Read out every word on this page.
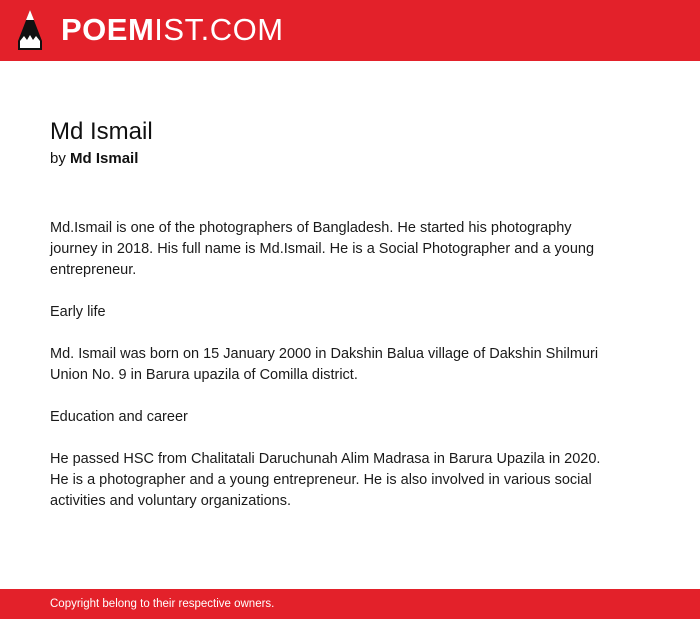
POEMIST.COM
Md Ismail
by Md Ismail

Md.Ismail is one of the photographers of Bangladesh. He started his photography journey in 2018. His full name is Md.Ismail. He is a Social Photographer and a young entrepreneur.

Early life

Md. Ismail was born on 15 January 2000 in Dakshin Balua village of Dakshin Shilmuri Union No. 9 in Barura upazila of Comilla district.

Education and career

He passed HSC from Chalitatali Daruchunah Alim Madrasa in Barura Upazila in 2020. He is a photographer and a young entrepreneur. He is also involved in various social activities and voluntary organizations.

Copyright belong to their respective owners.
